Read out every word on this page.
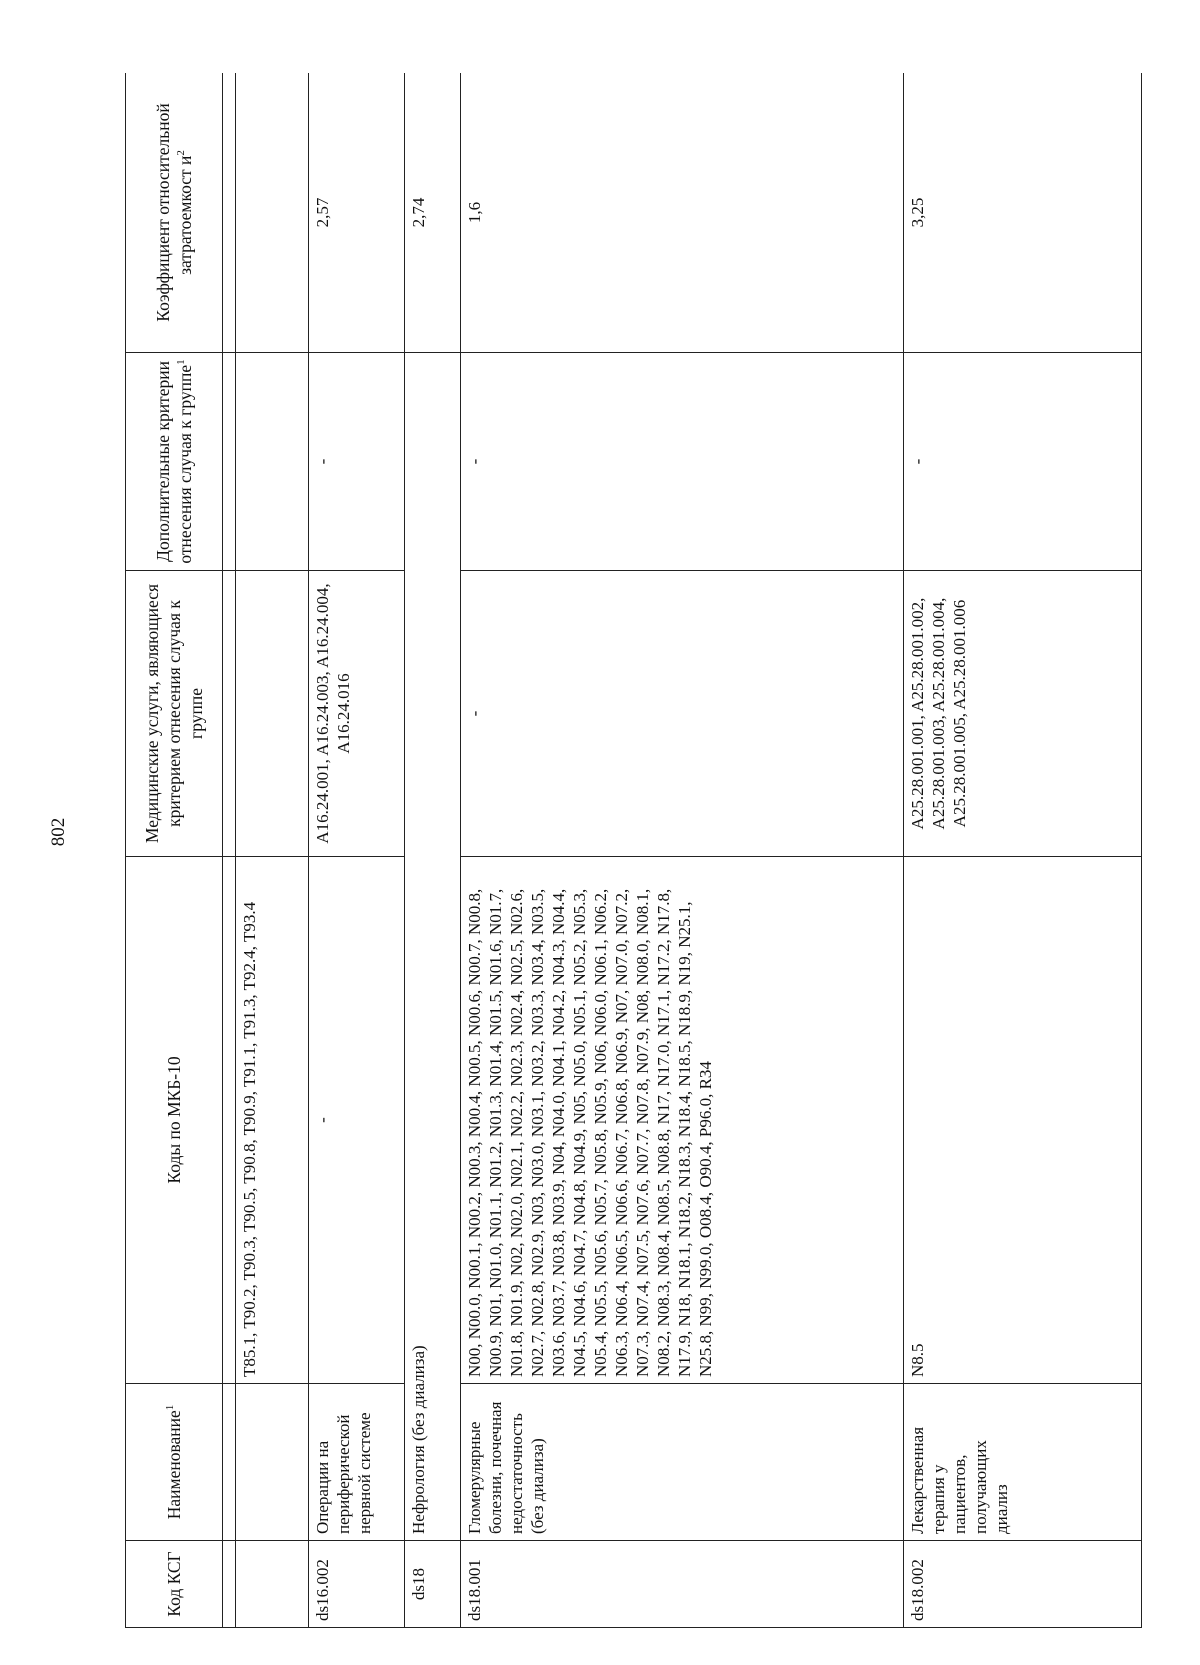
802
Код КСГ	Наименование$^1$	Коды по МКБ-10	Медицинские услуги, являющиеся критерием отнесения случая к группе	Дополнительные критерии отнесения случая к группе$^1$	Коэффициент относительной затратоемкост $и^2$

		T85.1, T90.2, T90.3, T90.5, T90.8, T90.9, T91.1, T91.3, T92.4, T93.4			
ds16.002	Операции на периферической нервной системе	-	A16.24.001, A16.24.003, A16.24.004, A16.24.016	-	2,57
ds18	Нефрология (без диализа)				2,74
ds18.001	Гломерулярные болезни, почечная недостаточность (без диализа)	N00, N00.0, N00.1, N00.2, N00.3, N00.4, N00.5, N00.6, N00.7, N00.8, N00.9, N01, N01.0, N01.1, N01.2, N01.3, N01.4, N01.5, N01.6, N01.7, N01.8, N01.9, N02, N02.0, N02.1, N02.2, N02.3, N02.4, N02.5, N02.6, N02.7, N02.8, N02.9, N03, N03.0, N03.1, N03.2, N03.3, N03.4, N03.5, N03.6, N03.7, N03.8, N03.9, N04, N04.0, N04.1, N04.2, N04.3, N04.4, N04.5, N04.6, N04.7, N04.8, N04.9, N05, N05.0, N05.1, N05.2, N05.3, N05.4, N05.5, N05.6, N05.7, N05.8, N05.9, N06, N06.0, N06.1, N06.2, N06.3, N06.4, N06.5, N06.6, N06.7, N06.8, N06.9, N07, N07.0, N07.2, N07.3, N07.4, N07.5, N07.6, N07.7, N07.8, N07.9, N08, N08.0, N08.1, N08.2, N08.3, N08.4, N08.5, N08.8, N17, N17.0, N17.1, N17.2, N17.8, N17.9, N18, N18.1, N18.2, N18.3, N18.4, N18.5, N18.9, N19, N25.1, N25.8, N99, N99.0, O08.4, O90.4, P96.0, R34	-	-	1,6
ds18.002	Лекарственная терапия у пациентов, получающих диализ	N8.5	A25.28.001.001, A25.28.001.002, A25.28.001.003, A25.28.001.004, A25.28.001.005, A25.28.001.006	-	3,25
